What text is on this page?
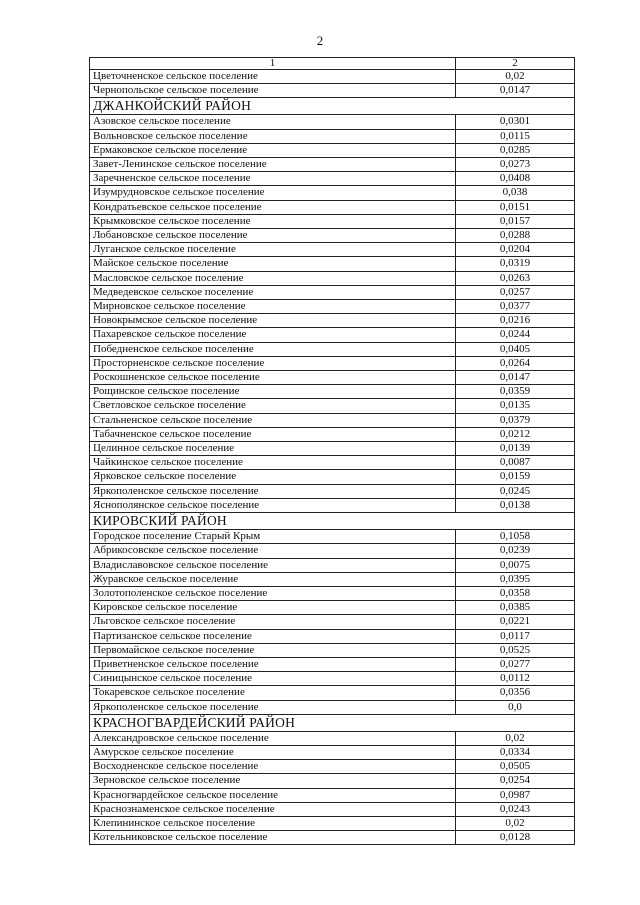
2
1	2
Цветочненское сельское поселение	0,02
Чернопольское сельское поселение	0,0147
ДЖАНКОЙСКИЙ РАЙОН	
Азовское сельское поселение	0,0301
Вольновское сельское поселение	0,0115
Ермаковское сельское поселение	0,0285
Завет-Ленинское сельское поселение	0,0273
Заречненское сельское поселение	0,0408
Изумрудновское сельское поселение	0,038
Кондратьевское сельское поселение	0,0151
Крымковское сельское поселение	0,0157
Лобановское сельское поселение	0,0288
Луганское сельское поселение	0,0204
Майское сельское поселение	0,0319
Масловское сельское поселение	0,0263
Медведевское сельское поселение	0,0257
Мирновское сельское поселение	0,0377
Новокрымское сельское поселение	0,0216
Пахаревское сельское поселение	0,0244
Победненское сельское поселение	0,0405
Просторненское сельское поселение	0,0264
Роскошненское сельское поселение	0,0147
Рощинское сельское поселение	0,0359
Светловское сельское поселение	0,0135
Стальненское сельское поселение	0,0379
Табачненское сельское поселение	0,0212
Целинное сельское поселение	0,0139
Чайкинское сельское поселение	0,0087
Ярковское сельское поселение	0,0159
Яркополенское сельское поселение	0,0245
Яснополянское сельское поселение	0,0138
КИРОВСКИЙ РАЙОН	
Городское поселение Старый Крым	0,1058
Абрикосовское сельское поселение	0,0239
Владиславовское сельское поселение	0,0075
Журавское сельское поселение	0,0395
Золотополенское сельское поселение	0,0358
Кировское сельское поселение	0,0385
Льговское сельское поселение	0,0221
Партизанское сельское поселение	0,0117
Первомайское сельское поселение	0,0525
Приветненское сельское поселение	0,0277
Синицынское сельское поселение	0,0112
Токаревское сельское поселение	0,0356
Яркополенское сельское поселение	0,0
КРАСНОГВАРДЕЙСКИЙ РАЙОН	
Александровское сельское поселение	0,02
Амурское сельское поселение	0,0334
Восходненское сельское поселение	0,0505
Зерновское сельское поселение	0,0254
Красногвардейское сельское поселение	0,0987
Краснознаменское сельское поселение	0,0243
Клепининское сельское поселение	0,02
Котельниковское сельское поселение	0,0128
